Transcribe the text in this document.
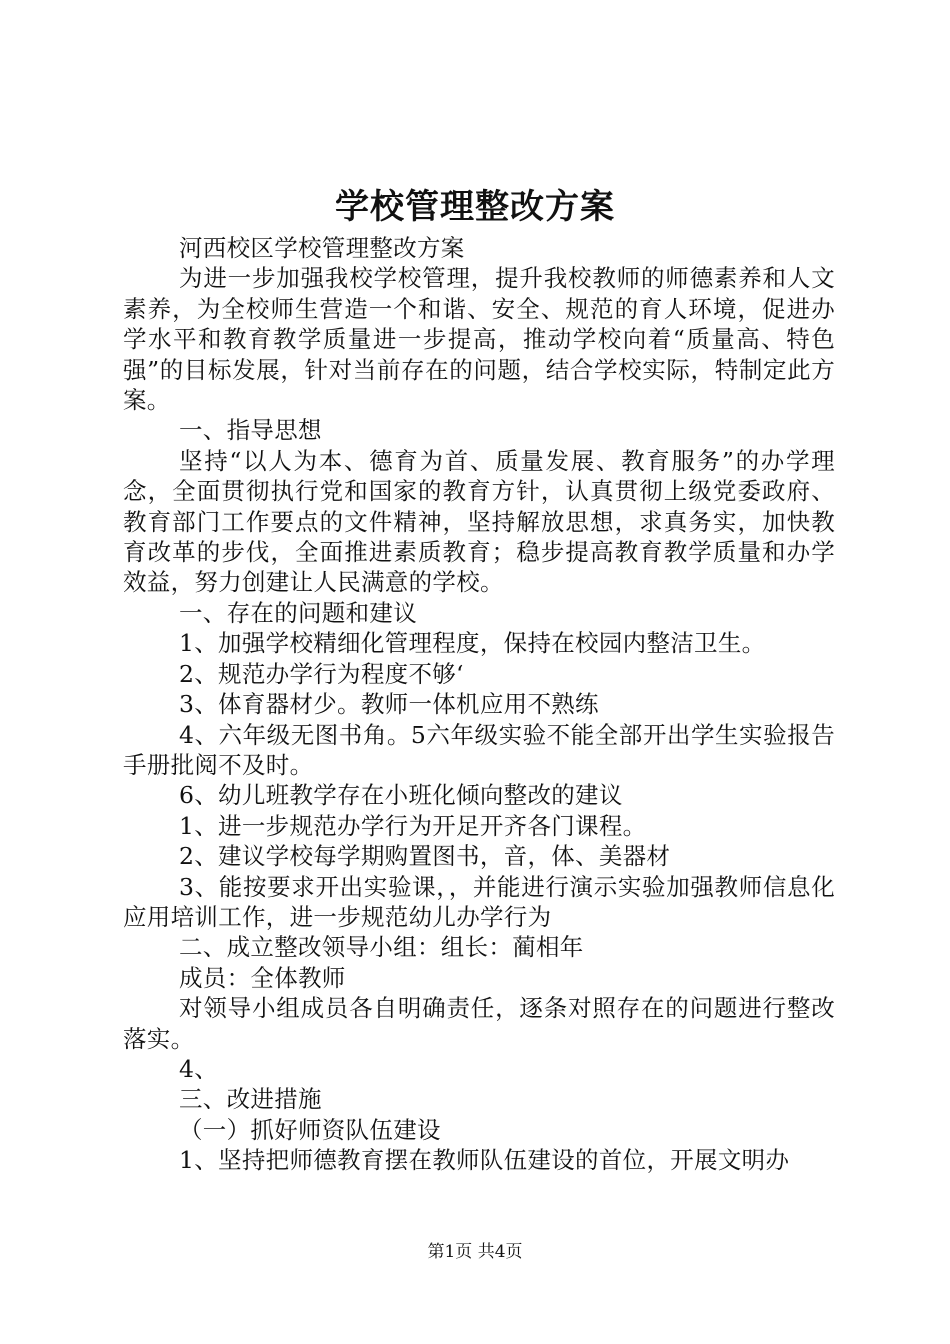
学校管理整改方案

河西校区学校管理整改方案

为进一步加强我校学校管理，提升我校教师的师德素养和人文素养，为全校师生营造一个和谐、安全、规范的育人环境，促进办学水平和教育教学质量进一步提高，推动学校向着“质量高、特色强”的目标发展，针对当前存在的问题，结合学校实际，特制定此方案。

一、指导思想

坚持“以人为本、德育为首、质量发展、教育服务”的办学理念，全面贯彻执行党和国家的教育方针，认真贯彻上级党委政府、教育部门工作要点的文件精神，坚持解放思想，求真务实，加快教育改革的步伐，全面推进素质教育；稳步提高教育教学质量和办学效益，努力创建让人民满意的学校。

一、存在的问题和建议

1、加强学校精细化管理程度，保持在校园内整洁卫生。

2、规范办学行为程度不够‘

3、体育器材少。教师一体机应用不熟练

4、六年级无图书角。5六年级实验不能全部开出学生实验报告手册批阅不及时。

6、幼儿班教学存在小班化倾向整改的建议

1、进一步规范办学行为开足开齐各门课程。

2、建议学校每学期购置图书，音，体、美器材

3、能按要求开出实验课，，并能进行演示实验加强教师信息化应用培训工作，进一步规范幼儿办学行为

二、成立整改领导小组：组长：蔺相年

成员：全体教师

对领导小组成员各自明确责任，逐条对照存在的问题进行整改落实。

4、

三、改进措施

（一）抓好师资队伍建设

1、坚持把师德教育摆在教师队伍建设的首位，开展文明办

第1页 共4页
